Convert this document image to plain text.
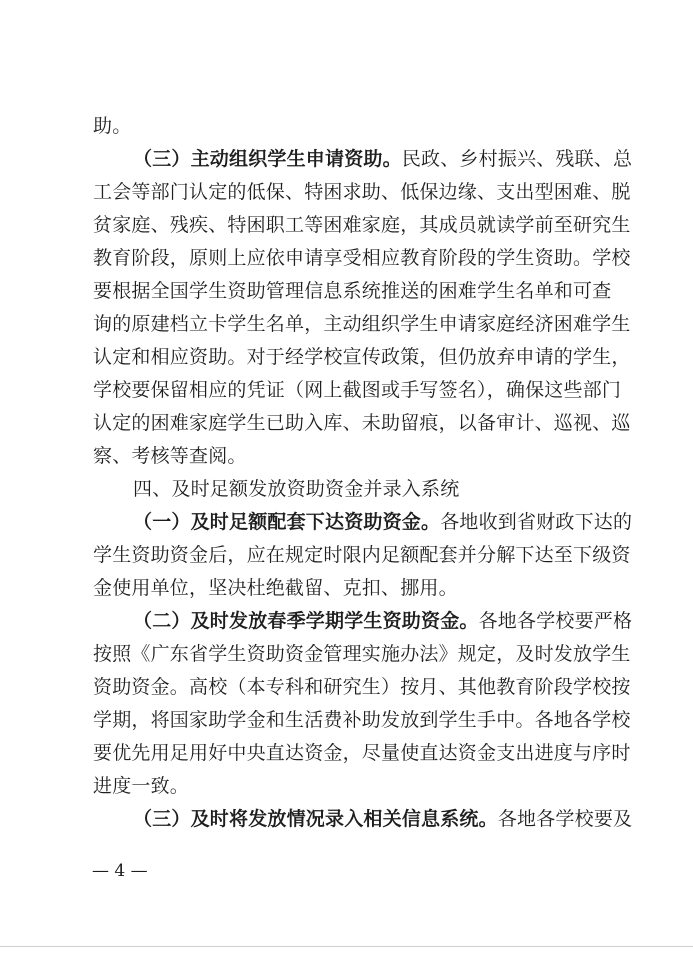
助。
（三）主动组织学生申请资助。民政、乡村振兴、残联、总
工会等部门认定的低保、特困求助、低保边缘、支出型困难、脱
贫家庭、残疾、特困职工等困难家庭，其成员就读学前至研究生
教育阶段，原则上应依申请享受相应教育阶段的学生资助。学校
要根据全国学生资助管理信息系统推送的困难学生名单和可查
询的原建档立卡学生名单，主动组织学生申请家庭经济困难学生
认定和相应资助。对于经学校宣传政策，但仍放弃申请的学生，
学校要保留相应的凭证（网上截图或手写签名），确保这些部门
认定的困难家庭学生已助入库、未助留痕，以备审计、巡视、巡
察、考核等查阅。
四、及时足额发放资助资金并录入系统
（一）及时足额配套下达资助资金。各地收到省财政下达的
学生资助资金后，应在规定时限内足额配套并分解下达至下级资
金使用单位，坚决杜绝截留、克扣、挪用。
（二）及时发放春季学期学生资助资金。各地各学校要严格
按照《广东省学生资助资金管理实施办法》规定，及时发放学生
资助资金。高校（本专科和研究生）按月、其他教育阶段学校按
学期，将国家助学金和生活费补助发放到学生手中。各地各学校
要优先用足用好中央直达资金，尽量使直达资金支出进度与序时
进度一致。
（三）及时将发放情况录入相关信息系统。各地各学校要及
— 4 —
